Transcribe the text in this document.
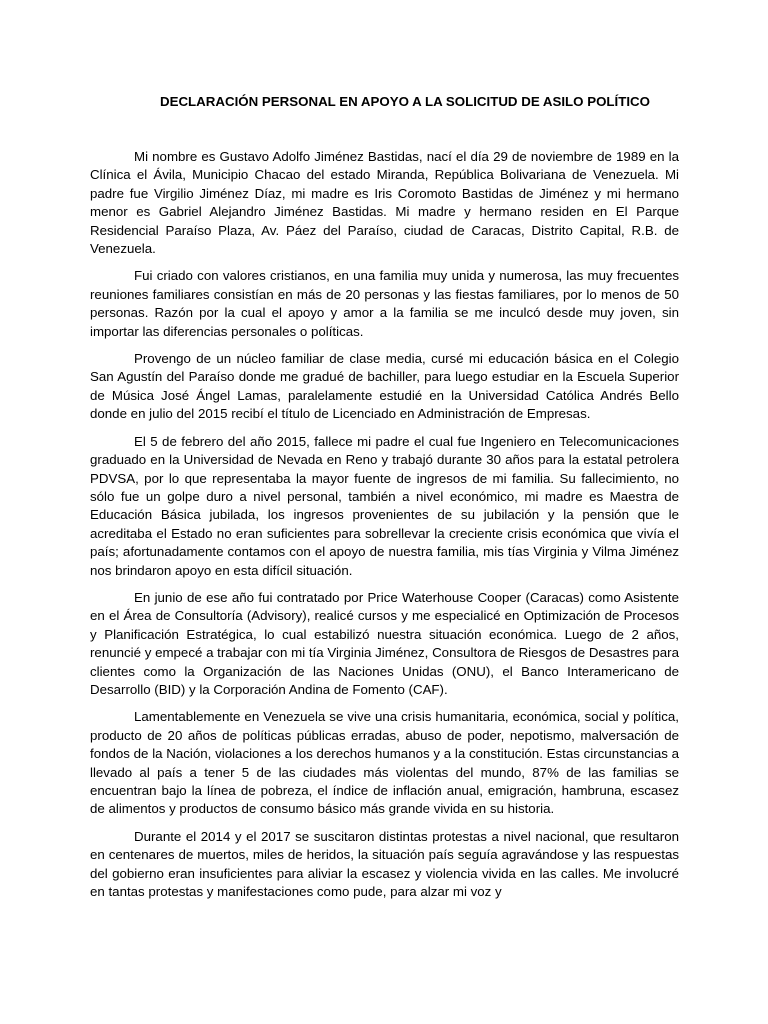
DECLARACIÓN PERSONAL EN APOYO A LA SOLICITUD DE ASILO POLÍTICO

Mi nombre es Gustavo Adolfo Jiménez Bastidas, nací el día 29 de noviembre de 1989 en la Clínica el Ávila, Municipio Chacao del estado Miranda, República Bolivariana de Venezuela. Mi padre fue Virgilio Jiménez Díaz, mi madre es Iris Coromoto Bastidas de Jiménez y mi hermano menor es Gabriel Alejandro Jiménez Bastidas. Mi madre y hermano residen en El Parque Residencial Paraíso Plaza, Av. Páez del Paraíso, ciudad de Caracas, Distrito Capital, R.B. de Venezuela.

Fui criado con valores cristianos, en una familia muy unida y numerosa, las muy frecuentes reuniones familiares consistían en más de 20 personas y las fiestas familiares, por lo menos de 50 personas. Razón por la cual el apoyo y amor a la familia se me inculcó desde muy joven, sin importar las diferencias personales o políticas.

Provengo de un núcleo familiar de clase media, cursé mi educación básica en el Colegio San Agustín del Paraíso donde me gradué de bachiller, para luego estudiar en la Escuela Superior de Música José Ángel Lamas, paralelamente estudié en la Universidad Católica Andrés Bello donde en julio del 2015 recibí el título de Licenciado en Administración de Empresas.

El 5 de febrero del año 2015, fallece mi padre el cual fue Ingeniero en Telecomunicaciones graduado en la Universidad de Nevada en Reno y trabajó durante 30 años para la estatal petrolera PDVSA, por lo que representaba la mayor fuente de ingresos de mi familia. Su fallecimiento, no sólo fue un golpe duro a nivel personal, también a nivel económico, mi madre es Maestra de Educación Básica jubilada, los ingresos provenientes de su jubilación y la pensión que le acreditaba el Estado no eran suficientes para sobrellevar la creciente crisis económica que vivía el país; afortunadamente contamos con el apoyo de nuestra familia, mis tías Virginia y Vilma Jiménez nos brindaron apoyo en esta difícil situación.

En junio de ese año fui contratado por Price Waterhouse Cooper (Caracas) como Asistente en el Área de Consultoría (Advisory), realicé cursos y me especialicé en Optimización de Procesos y Planificación Estratégica, lo cual estabilizó nuestra situación económica. Luego de 2 años, renuncié y empecé a trabajar con mi tía Virginia Jiménez, Consultora de Riesgos de Desastres para clientes como la Organización de las Naciones Unidas (ONU), el Banco Interamericano de Desarrollo (BID) y la Corporación Andina de Fomento (CAF).

Lamentablemente en Venezuela se vive una crisis humanitaria, económica, social y política, producto de 20 años de políticas públicas erradas, abuso de poder, nepotismo, malversación de fondos de la Nación, violaciones a los derechos humanos y a la constitución. Estas circunstancias a llevado al país a tener 5 de las ciudades más violentas del mundo, 87% de las familias se encuentran bajo la línea de pobreza, el índice de inflación anual, emigración, hambruna, escasez de alimentos y productos de consumo básico más grande vivida en su historia.

Durante el 2014 y el 2017 se suscitaron distintas protestas a nivel nacional, que resultaron en centenares de muertos, miles de heridos, la situación país seguía agravándose y las respuestas del gobierno eran insuficientes para aliviar la escasez y violencia vivida en las calles. Me involucré en tantas protestas y manifestaciones como pude, para alzar mi voz y
